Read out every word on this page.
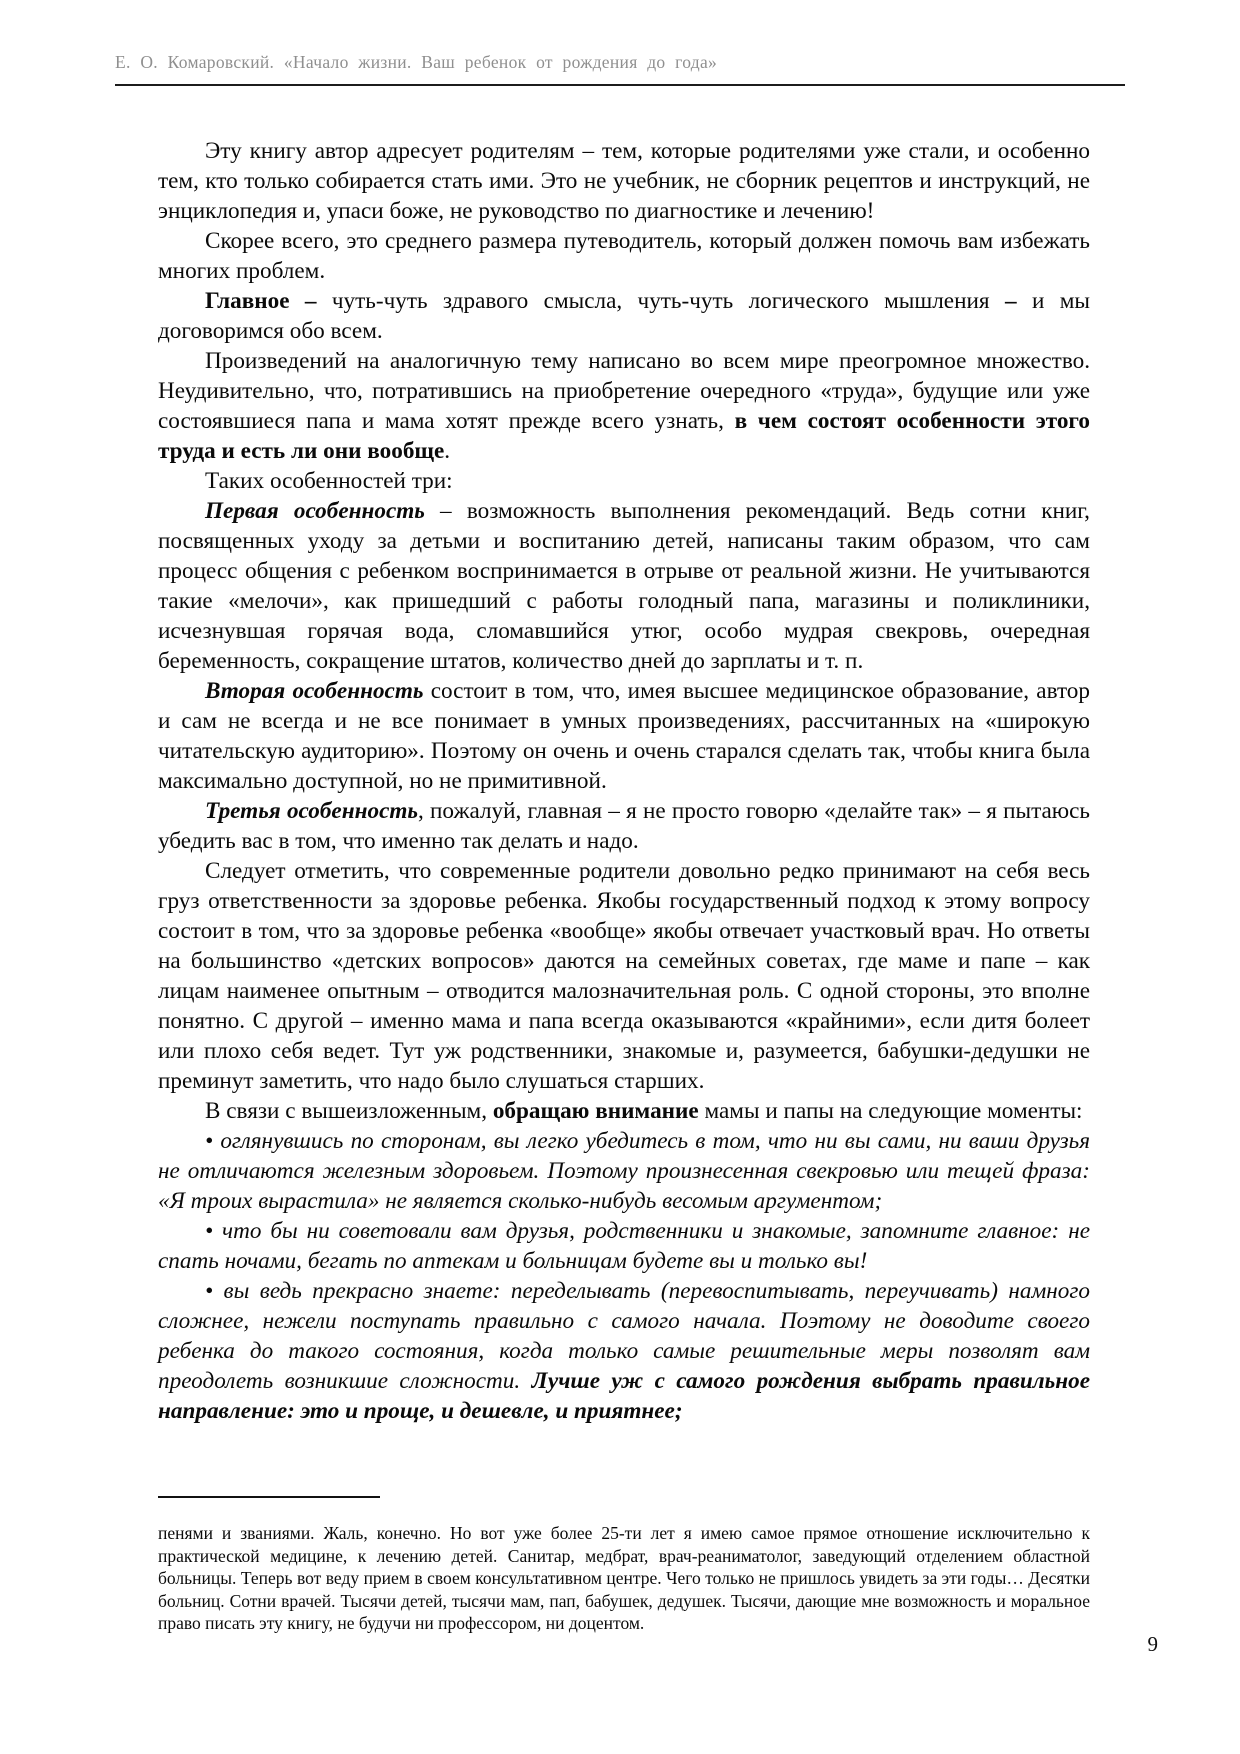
Е. О. Комаровский. «Начало жизни. Ваш ребенок от рождения до года»

Эту книгу автор адресует родителям – тем, которые родителями уже стали, и особенно тем, кто только собирается стать ими. Это не учебник, не сборник рецептов и инструкций, не энциклопедия и, упаси боже, не руководство по диагностике и лечению!

Скорее всего, это среднего размера путеводитель, который должен помочь вам избежать многих проблем.

Главное – чуть-чуть здравого смысла, чуть-чуть логического мышления – и мы договоримся обо всем.

Произведений на аналогичную тему написано во всем мире преогромное множество. Неудивительно, что, потратившись на приобретение очередного «труда», будущие или уже состоявшиеся папа и мама хотят прежде всего узнать, в чем состоят особенности этого труда и есть ли они вообще.

Таких особенностей три:

Первая особенность – возможность выполнения рекомендаций. Ведь сотни книг, посвященных уходу за детьми и воспитанию детей, написаны таким образом, что сам процесс общения с ребенком воспринимается в отрыве от реальной жизни. Не учитываются такие «мелочи», как пришедший с работы голодный папа, магазины и поликлиники, исчезнувшая горячая вода, сломавшийся утюг, особо мудрая свекровь, очередная беременность, сокращение штатов, количество дней до зарплаты и т. п.

Вторая особенность состоит в том, что, имея высшее медицинское образование, автор и сам не всегда и не все понимает в умных произведениях, рассчитанных на «широкую читательскую аудиторию». Поэтому он очень и очень старался сделать так, чтобы книга была максимально доступной, но не примитивной.

Третья особенность, пожалуй, главная – я не просто говорю «делайте так» – я пытаюсь убедить вас в том, что именно так делать и надо.

Следует отметить, что современные родители довольно редко принимают на себя весь груз ответственности за здоровье ребенка. Якобы государственный подход к этому вопросу состоит в том, что за здоровье ребенка «вообще» якобы отвечает участковый врач. Но ответы на большинство «детских вопросов» даются на семейных советах, где маме и папе – как лицам наименее опытным – отводится малозначительная роль. С одной стороны, это вполне понятно. С другой – именно мама и папа всегда оказываются «крайними», если дитя болеет или плохо себя ведет. Тут уж родственники, знакомые и, разумеется, бабушки-дедушки не преминут заметить, что надо было слушаться старших.

В связи с вышеизложенным, обращаю внимание мамы и папы на следующие моменты:

• оглянувшись по сторонам, вы легко убедитесь в том, что ни вы сами, ни ваши друзья не отличаются железным здоровьем. Поэтому произнесенная свекровью или тещей фраза: «Я троих вырастила» не является сколько-нибудь весомым аргументом;

• что бы ни советовали вам друзья, родственники и знакомые, запомните главное: не спать ночами, бегать по аптекам и больницам будете вы и только вы!

• вы ведь прекрасно знаете: переделывать (перевоспитывать, переучивать) намного сложнее, нежели поступать правильно с самого начала. Поэтому не доводите своего ребенка до такого состояния, когда только самые решительные меры позволят вам преодолеть возникшие сложности. Лучше уж с самого рождения выбрать правильное направление: это и проще, и дешевле, и приятнее;

пенями и званиями. Жаль, конечно. Но вот уже более 25-ти лет я имею самое прямое отношение исключительно к практической медицине, к лечению детей. Санитар, медбрат, врач-реаниматолог, заведующий отделением областной больницы. Теперь вот веду прием в своем консультативном центре. Чего только не пришлось увидеть за эти годы… Десятки больниц. Сотни врачей. Тысячи детей, тысячи мам, пап, бабушек, дедушек. Тысячи, дающие мне возможность и моральное право писать эту книгу, не будучи ни профессором, ни доцентом.
9
